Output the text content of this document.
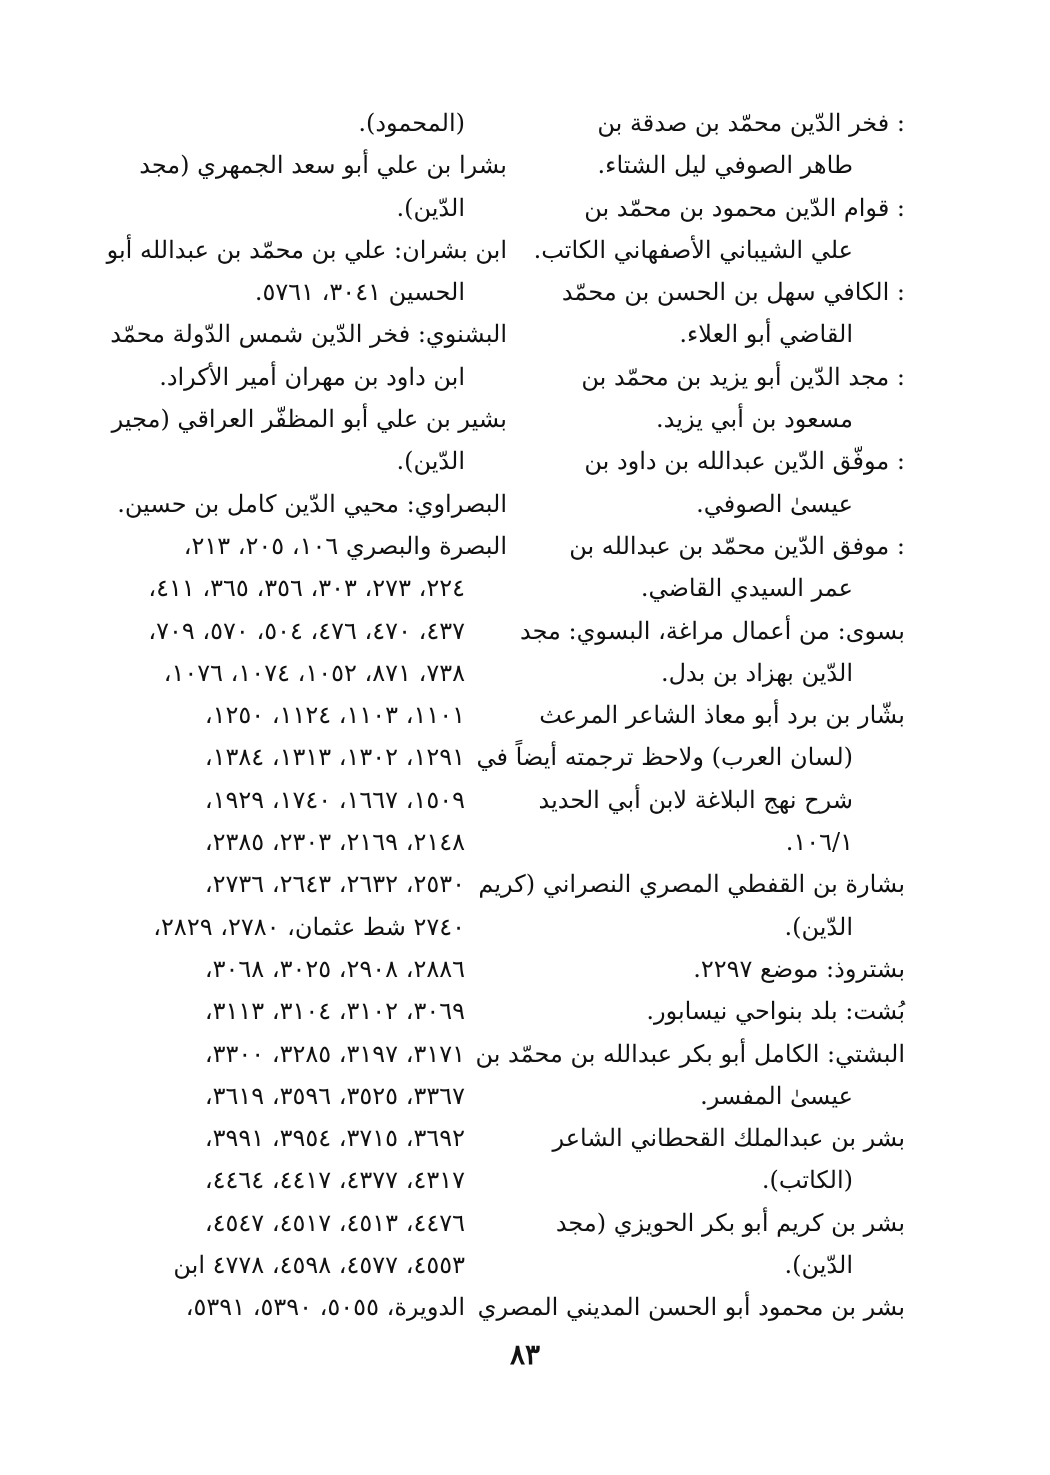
: فخر الدّين محمّد بن صدقة بن
طاهر الصوفي ليل الشتاء.
: قوام الدّين محمود بن محمّد بن
علي الشيباني الأصفهاني الكاتب.
: الكافي سهل بن الحسن بن محمّد
القاضي أبو العلاء.
: مجد الدّين أبو يزيد بن محمّد بن
مسعود بن أبي يزيد.
: موفّق الدّين عبدالله بن داود بن
عيسىٰ الصوفي.
: موفق الدّين محمّد بن عبدالله بن
عمر السيدي القاضي.
بسوى: من أعمال مراغة، البسوي: مجد
الدّين بهزاد بن بدل.
بشّار بن برد أبو معاذ الشاعر المرعث
(لسان العرب) ولاحظ ترجمته أيضاً في
شرح نهج البلاغة لابن أبي الحديد
١٠٦/١.
بشارة بن القفطي المصري النصراني (كريم
الدّين).
بشتروذ: موضع ٢٢٩٧.
بُشت: بلد بنواحي نيسابور.
البشتي: الكامل أبو بكر عبدالله بن محمّد بن
عيسىٰ المفسر.
بشر بن عبدالملك القحطاني الشاعر
(الكاتب).
بشر بن كريم أبو بكر الحويزي (مجد
الدّين).
بشر بن محمود أبو الحسن المديني المصري
(المحمود).
بشرا بن علي أبو سعد الجمهري (مجد
الدّين).
ابن بشران: علي بن محمّد بن عبدالله أبو
الحسين ٣٠٤١، ٥٧٦١.
البشنوي: فخر الدّين شمس الدّولة محمّد
ابن داود بن مهران أمير الأكراد.
بشير بن علي أبو المظفّر العراقي (مجير
الدّين).
البصراوي: محيي الدّين كامل بن حسين.
البصرة والبصري ١٠٦، ٢٠٥، ٢١٣،
٢٢٤، ٢٧٣، ٣٠٣، ٣٥٦، ٣٦٥، ٤١١،
٤٣٧، ٤٧٠، ٤٧٦، ٥٠٤، ٥٧٠، ٧٠٩،
٧٣٨، ٨٧١، ١٠٥٢، ١٠٧٤، ١٠٧٦،
١١٠١، ١١٠٣، ١١٢٤، ١٢٥٠،
١٢٩١، ١٣٠٢، ١٣١٣، ١٣٨٤،
١٥٠٩، ١٦٦٧، ١٧٤٠، ١٩٢٩،
٢١٤٨، ٢١٦٩، ٢٣٠٣، ٢٣٨٥،
٢٥٣٠، ٢٦٣٢، ٢٦٤٣، ٢٧٣٦،
٢٧٤٠ شط عثمان، ٢٧٨٠، ٢٨٢٩،
٢٨٨٦، ٢٩٠٨، ٣٠٢٥، ٣٠٦٨،
٣٠٦٩، ٣١٠٢، ٣١٠٤، ٣١١٣،
٣١٧١، ٣١٩٧، ٣٢٨٥، ٣٣٠٠،
٣٣٦٧، ٣٥٢٥، ٣٥٩٦، ٣٦١٩،
٣٦٩٢، ٣٧١٥، ٣٩٥٤، ٣٩٩١،
٤٣١٧، ٤٣٧٧، ٤٤١٧، ٤٤٦٤،
٤٤٧٦، ٤٥١٣، ٤٥١٧، ٤٥٤٧،
٤٥٥٣، ٤٥٧٧، ٤٥٩٨، ٤٧٧٨ ابن
الدويرة، ٥٠٥٥، ٥٣٩٠، ٥٣٩١،
٨٣
